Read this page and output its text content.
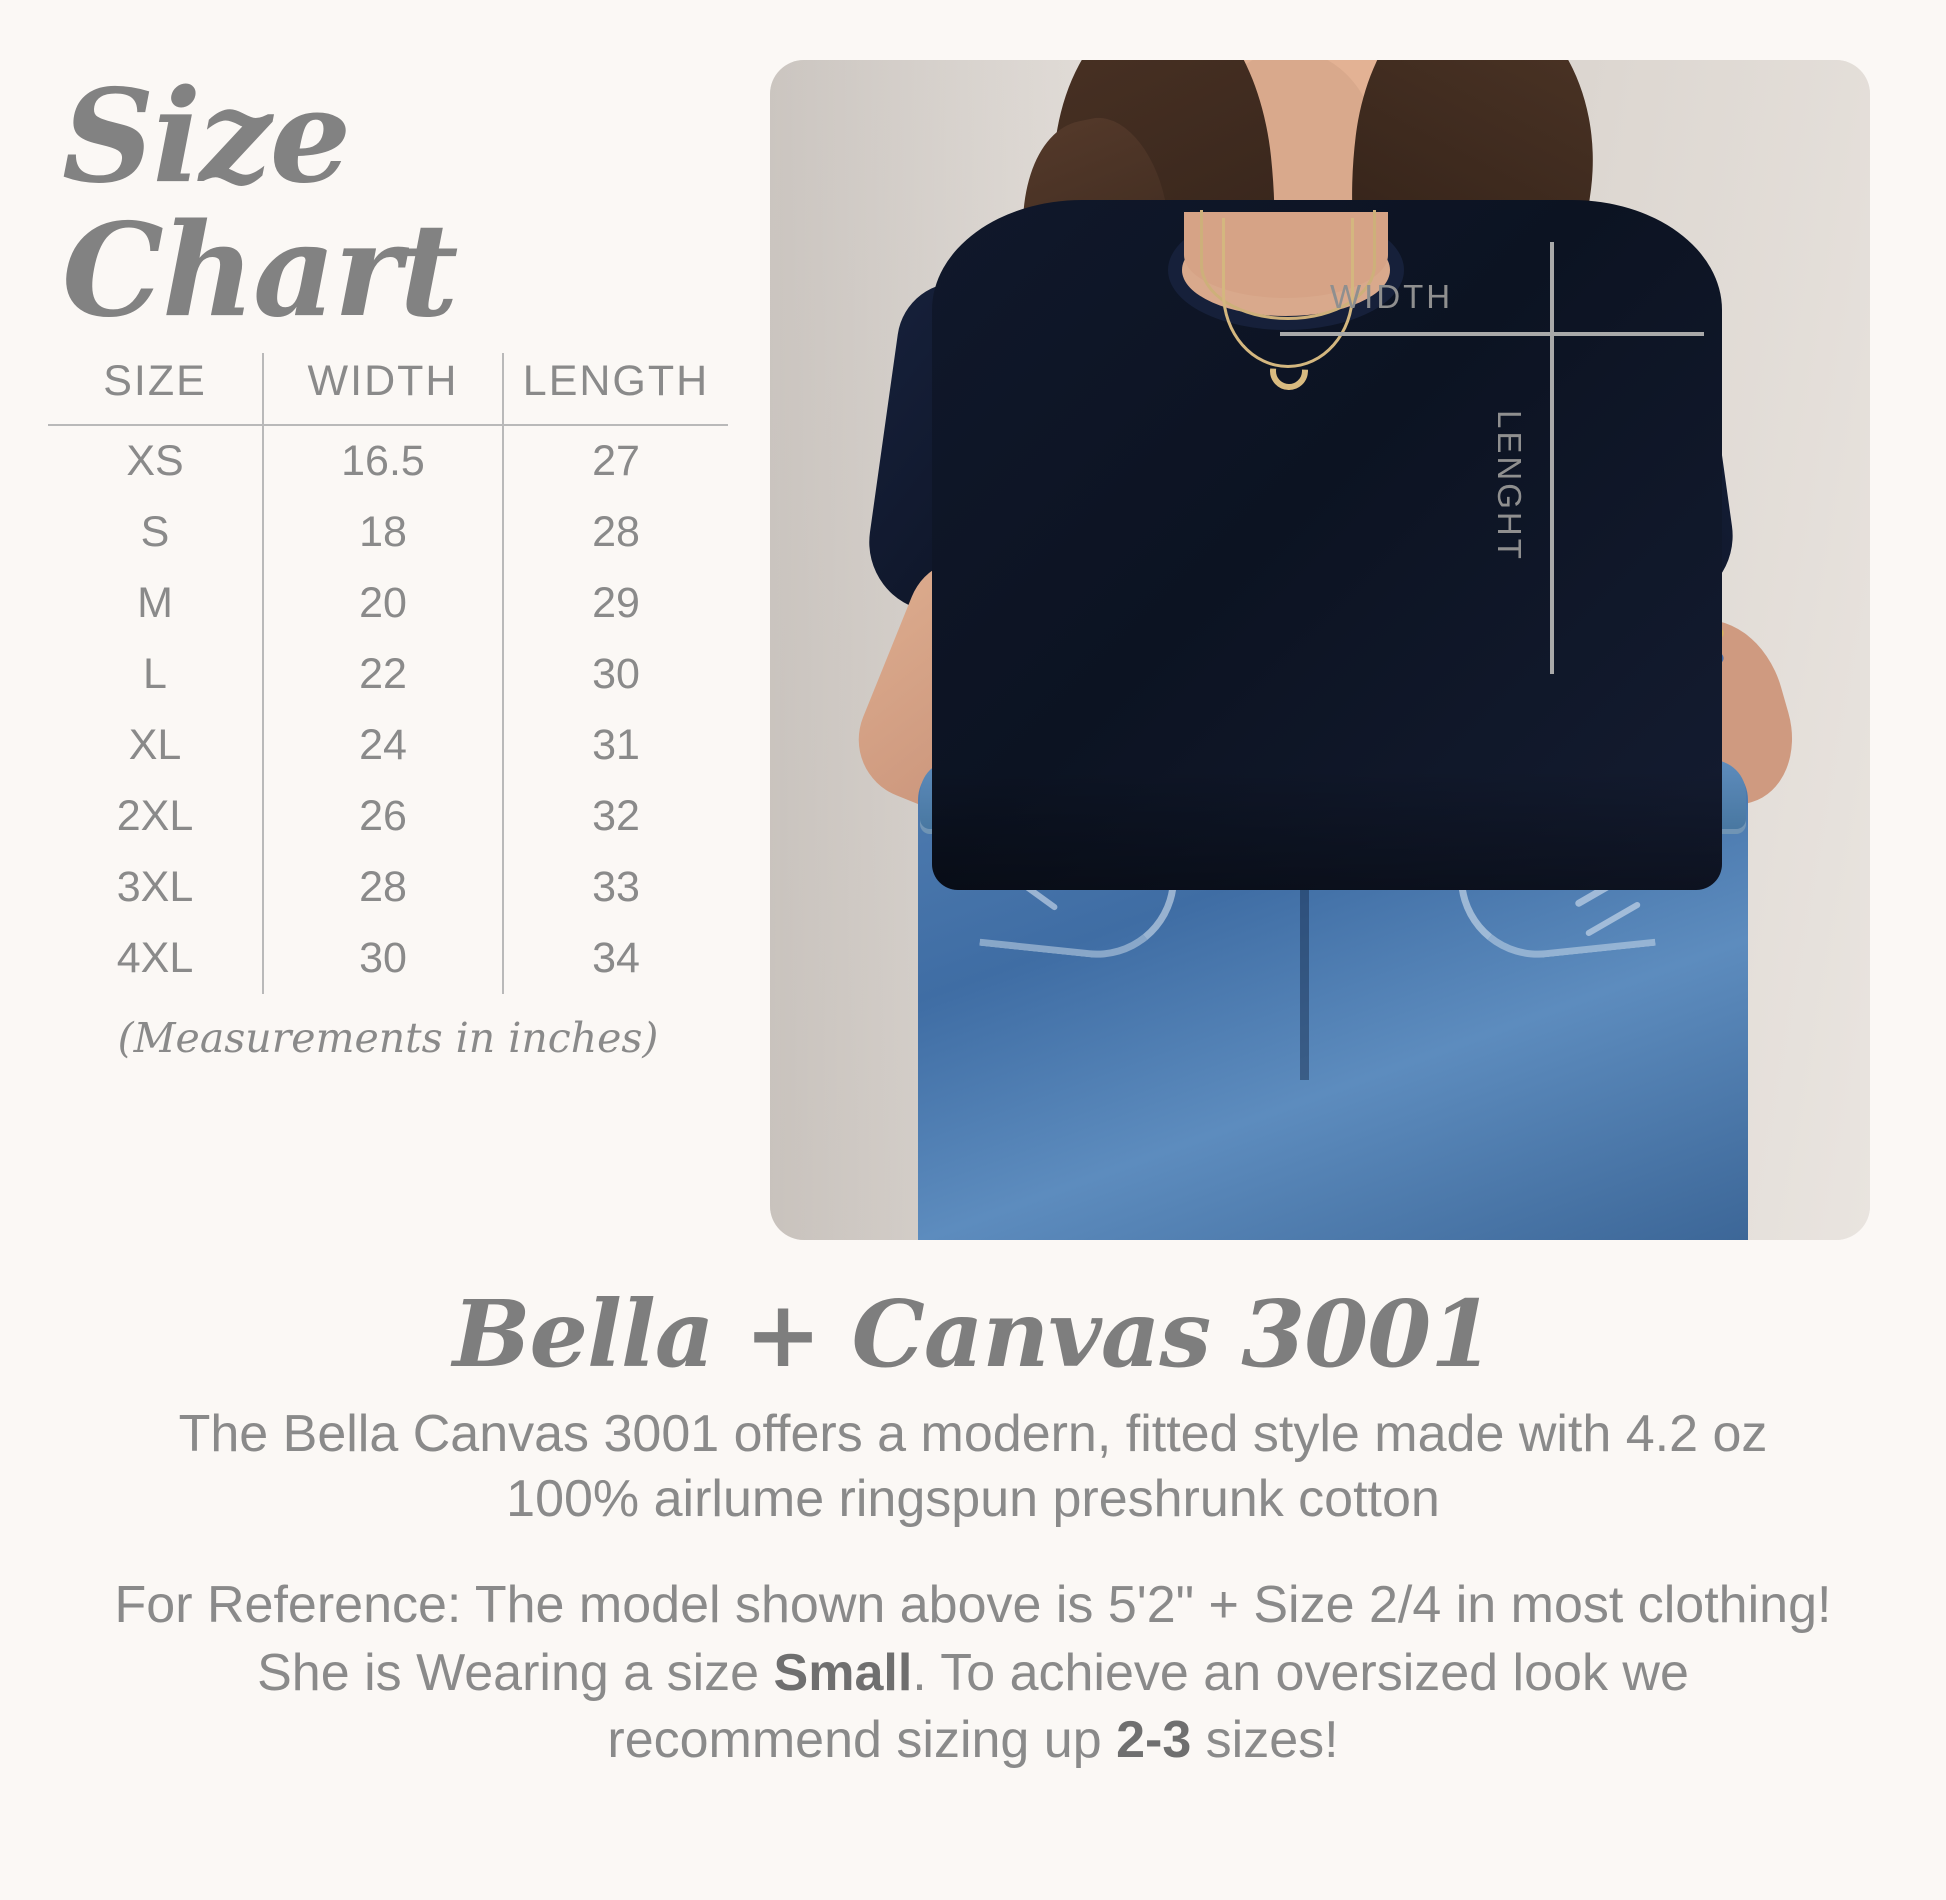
Size Chart
SIZE	WIDTH	LENGTH
XS	16.5	27
S	18	28
M	20	29
L	22	30
XL	24	31
2XL	26	32
3XL	28	33
4XL	30	34
(Measurements in inches)
WIDTH
LENGHT
Bella + Canvas 3001
The Bella Canvas 3001 offers a modern, fitted style made with 4.2 oz 100% airlume ringspun preshrunk cotton
For Reference: The model shown above is 5'2" + Size 2/4 in most clothing!
She is Wearing a size Small. To achieve an oversized look we
recommend sizing up 2-3 sizes!
